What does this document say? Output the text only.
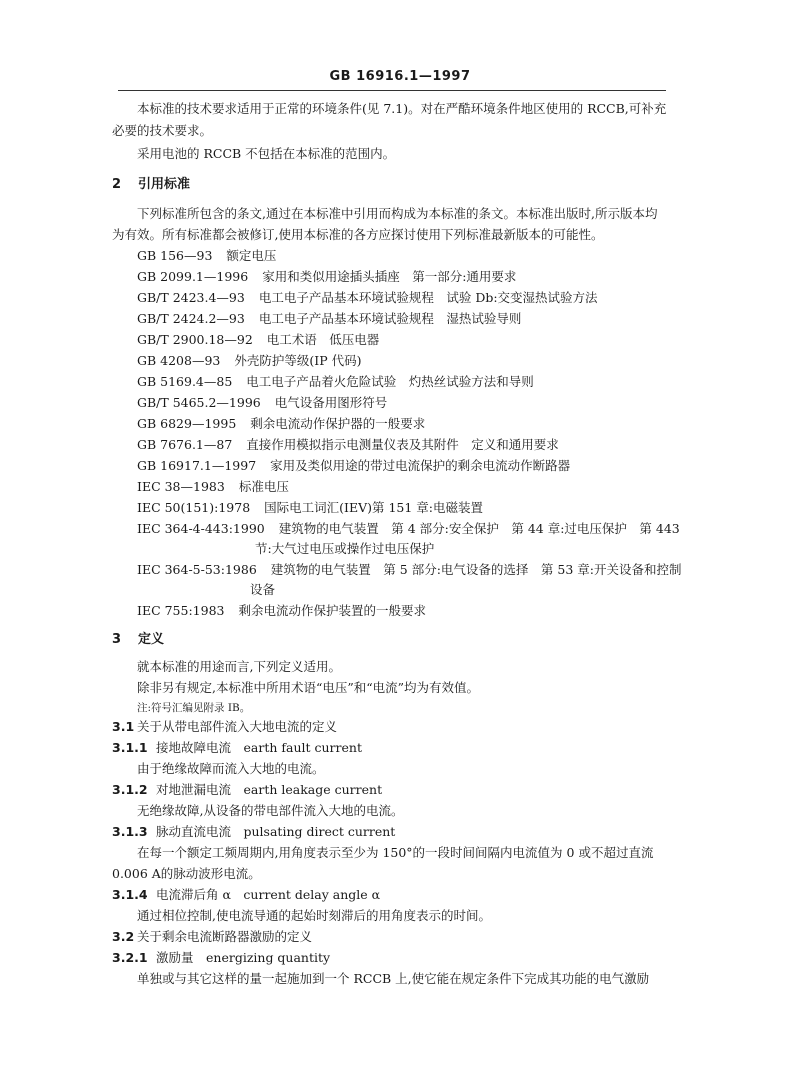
GB 16916.1—1997
本标准的技术要求适用于正常的环境条件(见 7.1)。对在严酷环境条件地区使用的 RCCB,可补充
必要的技术要求。
采用电池的 RCCB 不包括在本标准的范围内。
2 引用标准
下列标准所包含的条文,通过在本标准中引用而构成为本标准的条文。本标准出版时,所示版本均
为有效。所有标准都会被修订,使用本标准的各方应探讨使用下列标准最新版本的可能性。
GB 156—93 额定电压
GB 2099.1—1996 家用和类似用途插头插座　第一部分:通用要求
GB/T 2423.4—93 电工电子产品基本环境试验规程　试验 Db:交变湿热试验方法
GB/T 2424.2—93 电工电子产品基本环境试验规程　湿热试验导则
GB/T 2900.18—92 电工术语　低压电器
GB 4208—93 外壳防护等级(IP 代码)
GB 5169.4—85 电工电子产品着火危险试验　灼热丝试验方法和导则
GB/T 5465.2—1996 电气设备用图形符号
GB 6829—1995 剩余电流动作保护器的一般要求
GB 7676.1—87 直接作用模拟指示电测量仪表及其附件　定义和通用要求
GB 16917.1—1997 家用及类似用途的带过电流保护的剩余电流动作断路器
IEC 38—1983 标准电压
IEC 50(151):1978 国际电工词汇(IEV)第 151 章:电磁装置
IEC 364-4-443:1990 建筑物的电气装置　第 4 部分:安全保护　第 44 章:过电压保护　第 443
节:大气过电压或操作过电压保护
IEC 364-5-53:1986 建筑物的电气装置　第 5 部分:电气设备的选择　第 53 章:开关设备和控制
设备
IEC 755:1983 剩余电流动作保护装置的一般要求
3 定义
就本标准的用途而言,下列定义适用。
除非另有规定,本标准中所用术语“电压”和“电流”均为有效值。
注:符号汇编见附录 IB。
3.1 关于从带电部件流入大地电流的定义
3.1.1 接地故障电流　earth fault current
由于绝缘故障而流入大地的电流。
3.1.2 对地泄漏电流　earth leakage current
无绝缘故障,从设备的带电部件流入大地的电流。
3.1.3 脉动直流电流　pulsating direct current
在每一个额定工频周期内,用角度表示至少为 150°的一段时间间隔内电流值为 0 或不超过直流
0.006 A的脉动波形电流。
3.1.4 电流滞后角 α　current delay angle α
通过相位控制,使电流导通的起始时刻滞后的用角度表示的时间。
3.2 关于剩余电流断路器激励的定义
3.2.1 激励量　energizing quantity
单独或与其它这样的量一起施加到一个 RCCB 上,使它能在规定条件下完成其功能的电气激励
